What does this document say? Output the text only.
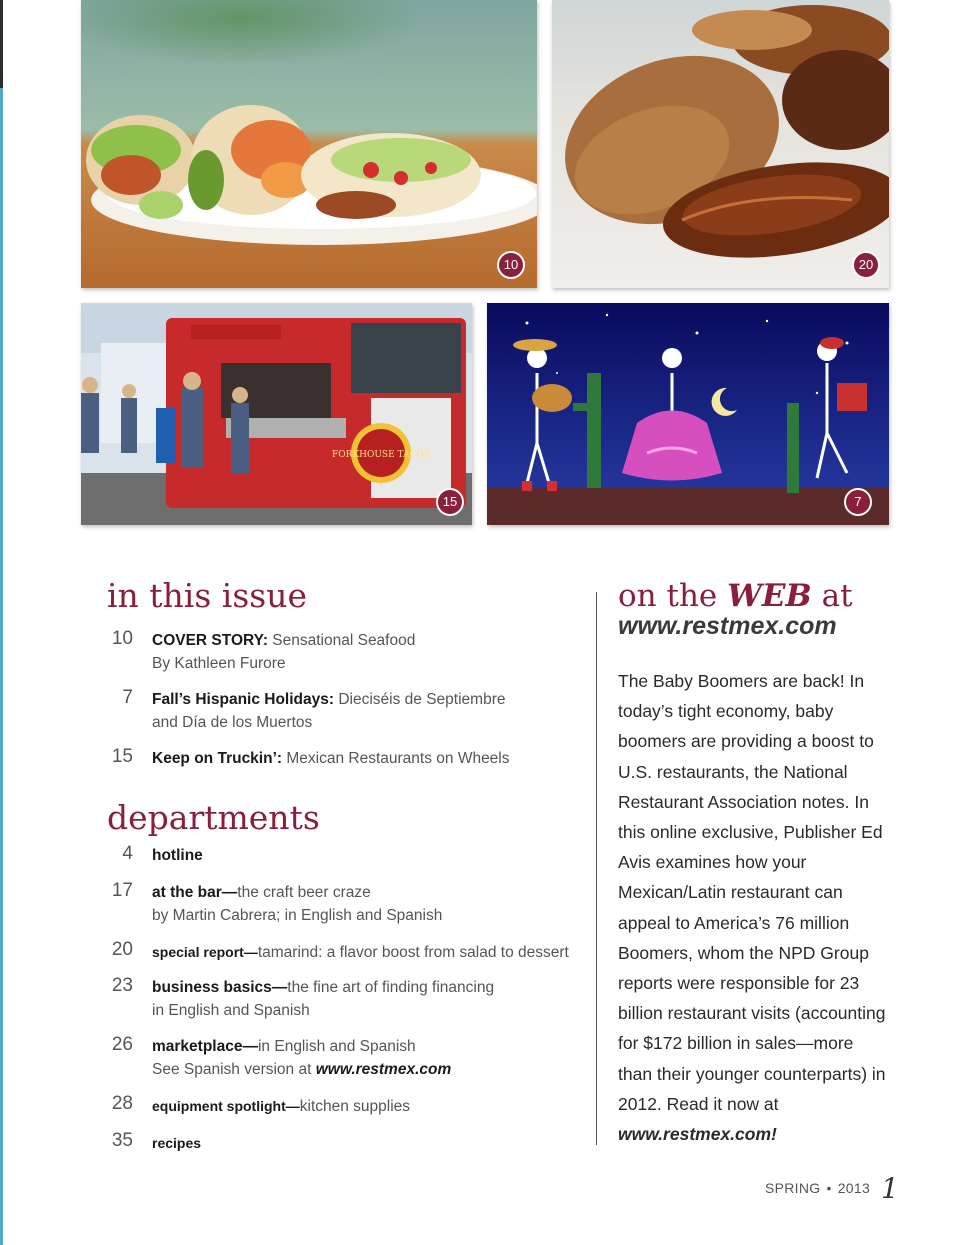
10	20
FORKHOUSE TACOS
15	7
in this issue
10 COVER STORY: Sensational Seafood
By Kathleen Furore
7 Fall’s Hispanic Holidays: Dieciséis de Septiembre
and Día de los Muertos
15 Keep on Truckin’: Mexican Restaurants on Wheels
departments
4 hotline
17 at the bar—the craft beer craze
by Martin Cabrera; in English and Spanish
20 special report—tamarind: a flavor boost from salad to dessert
23 business basics—the fine art of finding financing
in English and Spanish
26 marketplace—in English and Spanish
See Spanish version at www.restmex.com
28 equipment spotlight—kitchen supplies
35 recipes
on the WEB at
www.restmex.com
The Baby Boomers are back! In today’s tight economy, baby boomers are providing a boost to U.S. restaurants, the National Restaurant Association notes. In this online exclusive, Publisher Ed Avis examines how your Mexican/Latin restaurant can appeal to America’s 76 million Boomers, whom the NPD Group reports were responsible for 23 billion restaurant visits (accounting for $172 billion in sales—more than their younger counterparts) in 2012. Read it now at www.restmex.com!
SPRING • 2013 1
